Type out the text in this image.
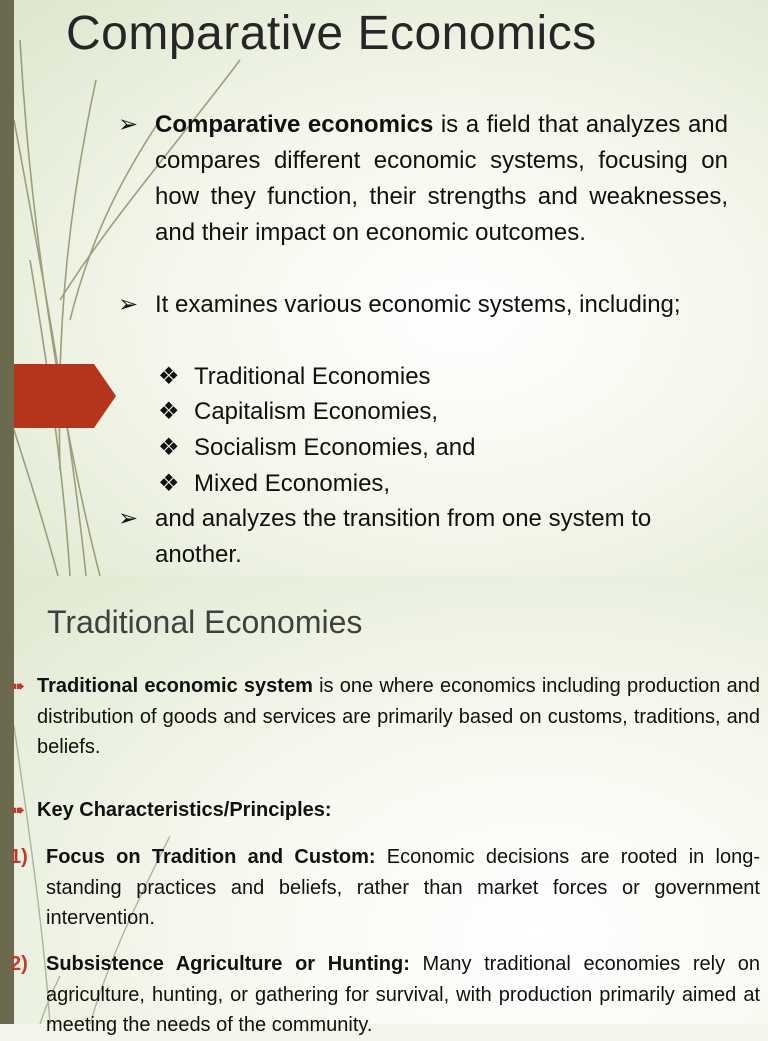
Comparative Economics
➢ Comparative economics is a field that analyzes and compares different economic systems, focusing on how they function, their strengths and weaknesses, and their impact on economic outcomes.
➢ It examines various economic systems, including;
❖ Traditional Economies
❖ Capitalism Economies,
❖ Socialism Economies, and
❖ Mixed Economies,
➢ and analyzes the transition from one system to another.
Traditional Economies
➠ Traditional economic system is one where economics including production and distribution of goods and services are primarily based on customs, traditions, and beliefs.
➠ Key Characteristics/Principles:
1) Focus on Tradition and Custom: Economic decisions are rooted in long-standing practices and beliefs, rather than market forces or government intervention.
2) Subsistence Agriculture or Hunting: Many traditional economies rely on agriculture, hunting, or gathering for survival, with production primarily aimed at meeting the needs of the community.
